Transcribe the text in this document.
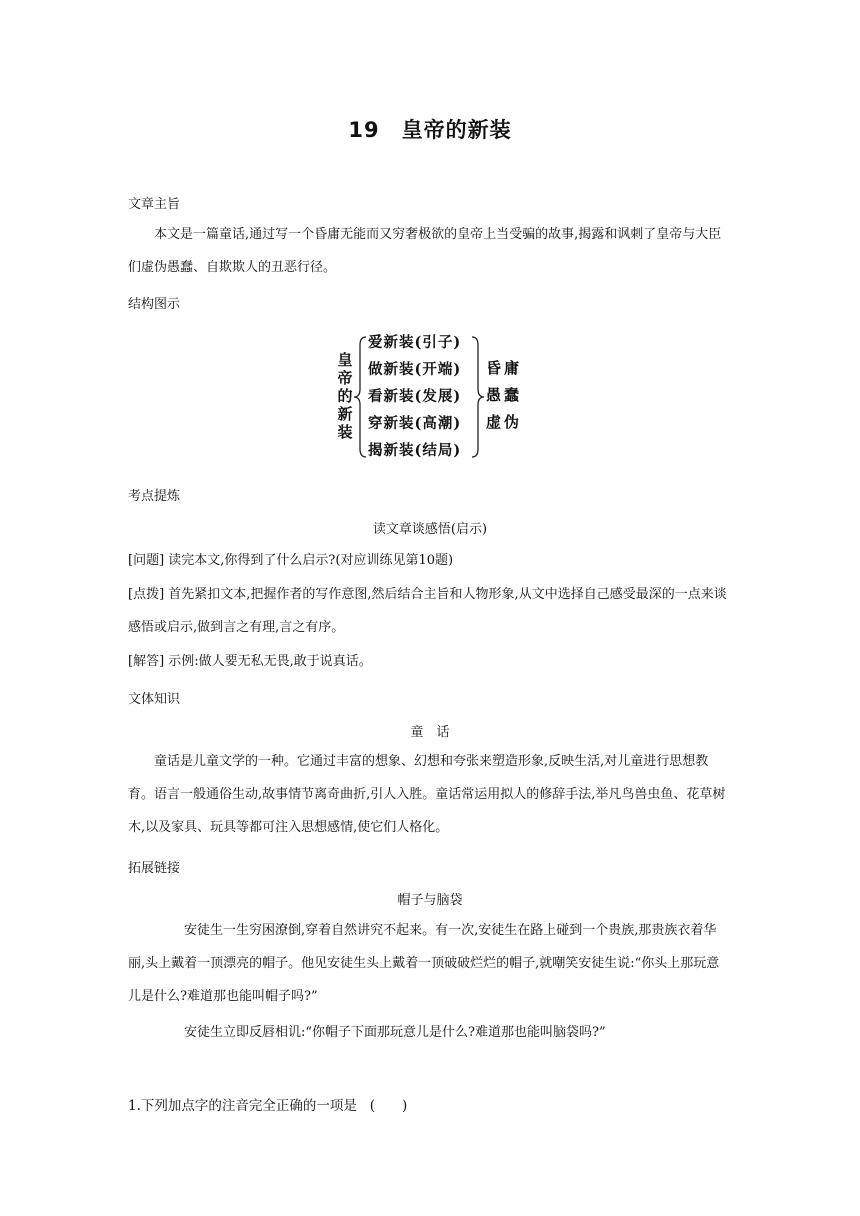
19 皇帝的新装
文章主旨
本文是一篇童话,通过写一个昏庸无能而又穷奢极欲的皇帝上当受骗的故事,揭露和讽刺了皇帝与大臣们虚伪愚蠢、自欺欺人的丑恶行径。
结构图示
皇
帝
的
新
装
爱新装(引子)
做新装(开端)
看新装(发展)
穿新装(高潮)
揭新装(结局)
昏庸
愚蠢
虚伪
考点提炼
读文章谈感悟(启示)
[问题] 读完本文,你得到了什么启示?(对应训练见第10题)
[点拨] 首先紧扣文本,把握作者的写作意图,然后结合主旨和人物形象,从文中选择自己感受最深的一点来谈感悟或启示,做到言之有理,言之有序。
[解答] 示例:做人要无私无畏,敢于说真话。
文体知识
童　话
童话是儿童文学的一种。它通过丰富的想象、幻想和夸张来塑造形象,反映生活,对儿童进行思想教育。语言一般通俗生动,故事情节离奇曲折,引人入胜。童话常运用拟人的修辞手法,举凡鸟兽虫鱼、花草树木,以及家具、玩具等都可注入思想感情,使它们人格化。
拓展链接
帽子与脑袋
安徒生一生穷困潦倒,穿着自然讲究不起来。有一次,安徒生在路上碰到一个贵族,那贵族衣着华丽,头上戴着一顶漂亮的帽子。他见安徒生头上戴着一顶破破烂烂的帽子,就嘲笑安徒生说:“你头上那玩意儿是什么?难道那也能叫帽子吗?”
安徒生立即反唇相讥:“你帽子下面那玩意儿是什么?难道那也能叫脑袋吗?”
1.下列加点字的注音完全正确的一项是 (　　)
